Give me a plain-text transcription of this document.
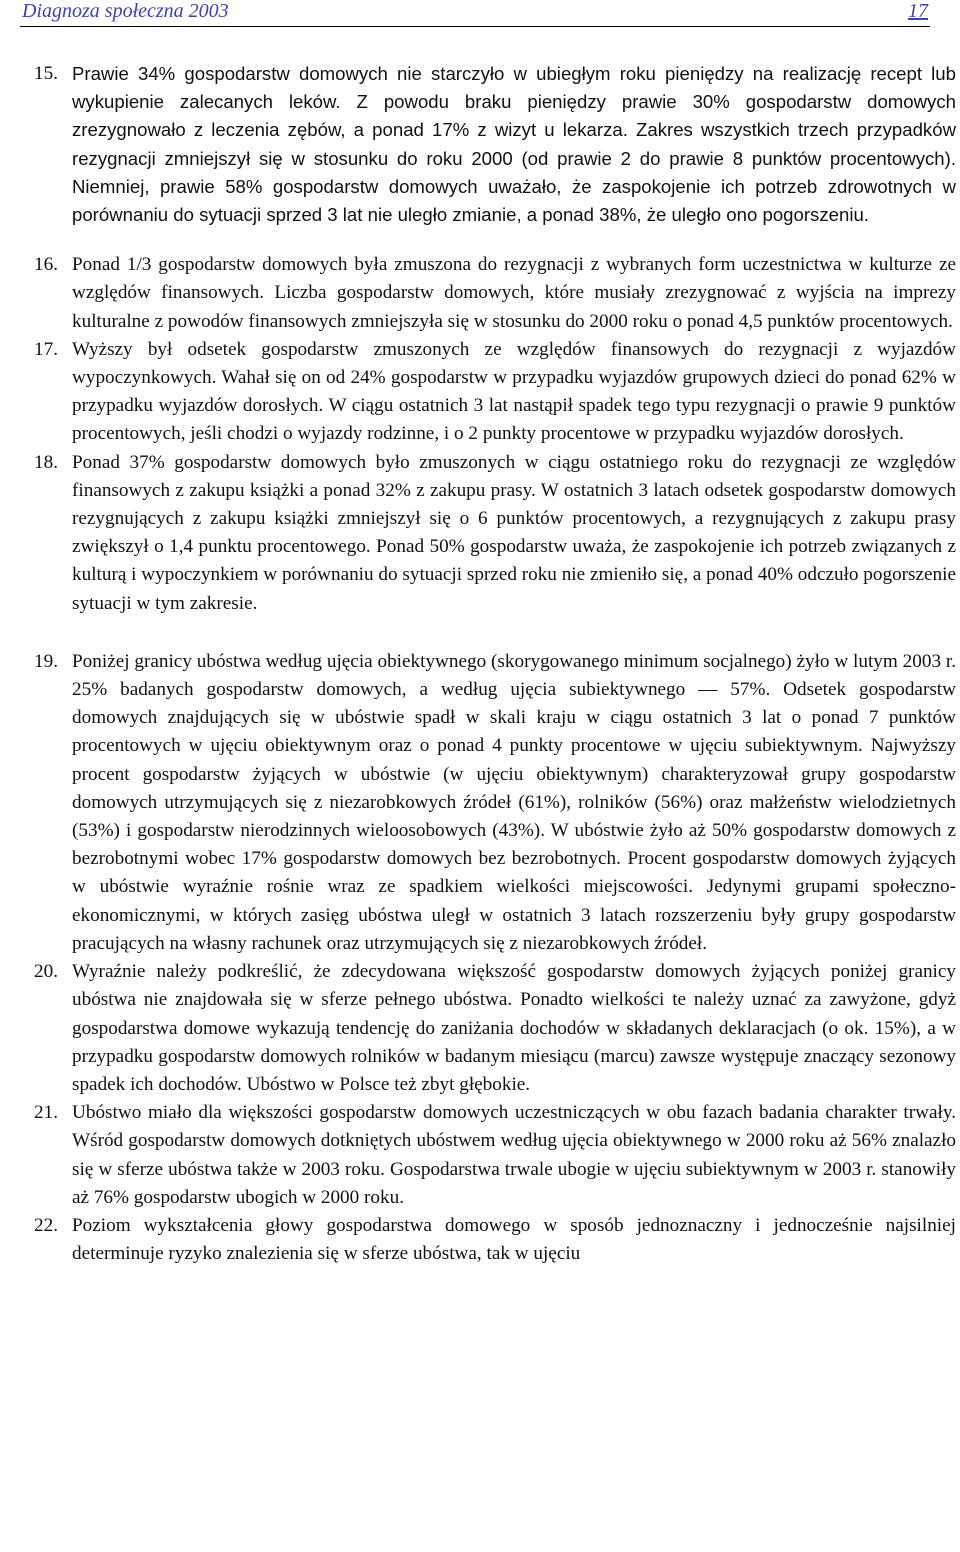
Diagnoza społeczna 2003	17
15. Prawie 34% gospodarstw domowych nie starczyło w ubiegłym roku pieniędzy na realizację recept lub wykupienie zalecanych leków. Z powodu braku pieniędzy prawie 30% gospodarstw domowych zrezygnowało z leczenia zębów, a ponad 17% z wizyt u lekarza. Zakres wszystkich trzech przypadków rezygnacji zmniejszył się w stosunku do roku 2000 (od prawie 2 do prawie 8 punktów procentowych). Niemniej, prawie 58% gospodarstw domowych uważało, że zaspokojenie ich potrzeb zdrowotnych w porównaniu do sytuacji sprzed 3 lat nie uległo zmianie, a ponad 38%, że uległo ono pogorszeniu.

16. Ponad 1/3 gospodarstw domowych była zmuszona do rezygnacji z wybranych form uczestnictwa w kulturze ze względów finansowych. Liczba gospodarstw domowych, które musiały zrezygnować z wyjścia na imprezy kulturalne z powodów finansowych zmniejszyła się w stosunku do 2000 roku o ponad 4,5 punktów procentowych.

17. Wyższy był odsetek gospodarstw zmuszonych ze względów finansowych do rezygnacji z wyjazdów wypoczynkowych. Wahał się on od 24% gospodarstw w przypadku wyjazdów grupowych dzieci do ponad 62% w przypadku wyjazdów dorosłych. W ciągu ostatnich 3 lat nastąpił spadek tego typu rezygnacji o prawie 9 punktów procentowych, jeśli chodzi o wyjazdy rodzinne, i o 2 punkty procentowe w przypadku wyjazdów dorosłych.

18. Ponad 37% gospodarstw domowych było zmuszonych w ciągu ostatniego roku do rezygnacji ze względów finansowych z zakupu książki a ponad 32% z zakupu prasy. W ostatnich 3 latach odsetek gospodarstw domowych rezygnujących z zakupu książki zmniejszył się o 6 punktów procentowych, a rezygnujących z zakupu prasy zwiększył o 1,4 punktu procentowego. Ponad 50% gospodarstw uważa, że zaspokojenie ich potrzeb związanych z kulturą i wypoczynkiem w porównaniu do sytuacji sprzed roku nie zmieniło się, a ponad 40% odczuło pogorszenie sytuacji w tym zakresie.

19. Poniżej granicy ubóstwa według ujęcia obiektywnego (skorygowanego minimum socjalnego) żyło w lutym 2003 r. 25% badanych gospodarstw domowych, a według ujęcia subiektywnego — 57%. Odsetek gospodarstw domowych znajdujących się w ubóstwie spadł w skali kraju w ciągu ostatnich 3 lat o ponad 7 punktów procentowych w ujęciu obiektywnym oraz o ponad 4 punkty procentowe w ujęciu subiektywnym. Najwyższy procent gospodarstw żyjących w ubóstwie (w ujęciu obiektywnym) charakteryzował grupy gospodarstw domowych utrzymujących się z niezarobkowych źródeł (61%), rolników (56%) oraz małżeństw wielodzietnych (53%) i gospodarstw nierodzinnych wieloosobowych (43%). W ubóstwie żyło aż 50% gospodarstw domowych z bezrobotnymi wobec 17% gospodarstw domowych bez bezrobotnych. Procent gospodarstw domowych żyjących w ubóstwie wyraźnie rośnie wraz ze spadkiem wielkości miejscowości. Jedynymi grupami społeczno-ekonomicznymi, w których zasięg ubóstwa uległ w ostatnich 3 latach rozszerzeniu były grupy gospodarstw pracujących na własny rachunek oraz utrzymujących się z niezarobkowych źródeł.

20. Wyraźnie należy podkreślić, że zdecydowana większość gospodarstw domowych żyjących poniżej granicy ubóstwa nie znajdowała się w sferze pełnego ubóstwa. Ponadto wielkości te należy uznać za zawyżone, gdyż gospodarstwa domowe wykazują tendencję do zaniżania dochodów w składanych deklaracjach (o ok. 15%), a w przypadku gospodarstw domowych rolników w badanym miesiącu (marcu) zawsze występuje znaczący sezonowy spadek ich dochodów. Ubóstwo w Polsce też zbyt głębokie.

21. Ubóstwo miało dla większości gospodarstw domowych uczestniczących w obu fazach badania charakter trwały. Wśród gospodarstw domowych dotkniętych ubóstwem według ujęcia obiektywnego w 2000 roku aż 56% znalazło się w sferze ubóstwa także w 2003 roku. Gospodarstwa trwale ubogie w ujęciu subiektywnym w 2003 r. stanowiły aż 76% gospodarstw ubogich w 2000 roku.

22. Poziom wykształcenia głowy gospodarstwa domowego w sposób jednoznaczny i jednocześnie najsilniej determinuje ryzyko znalezienia się w sferze ubóstwa, tak w ujęciu
